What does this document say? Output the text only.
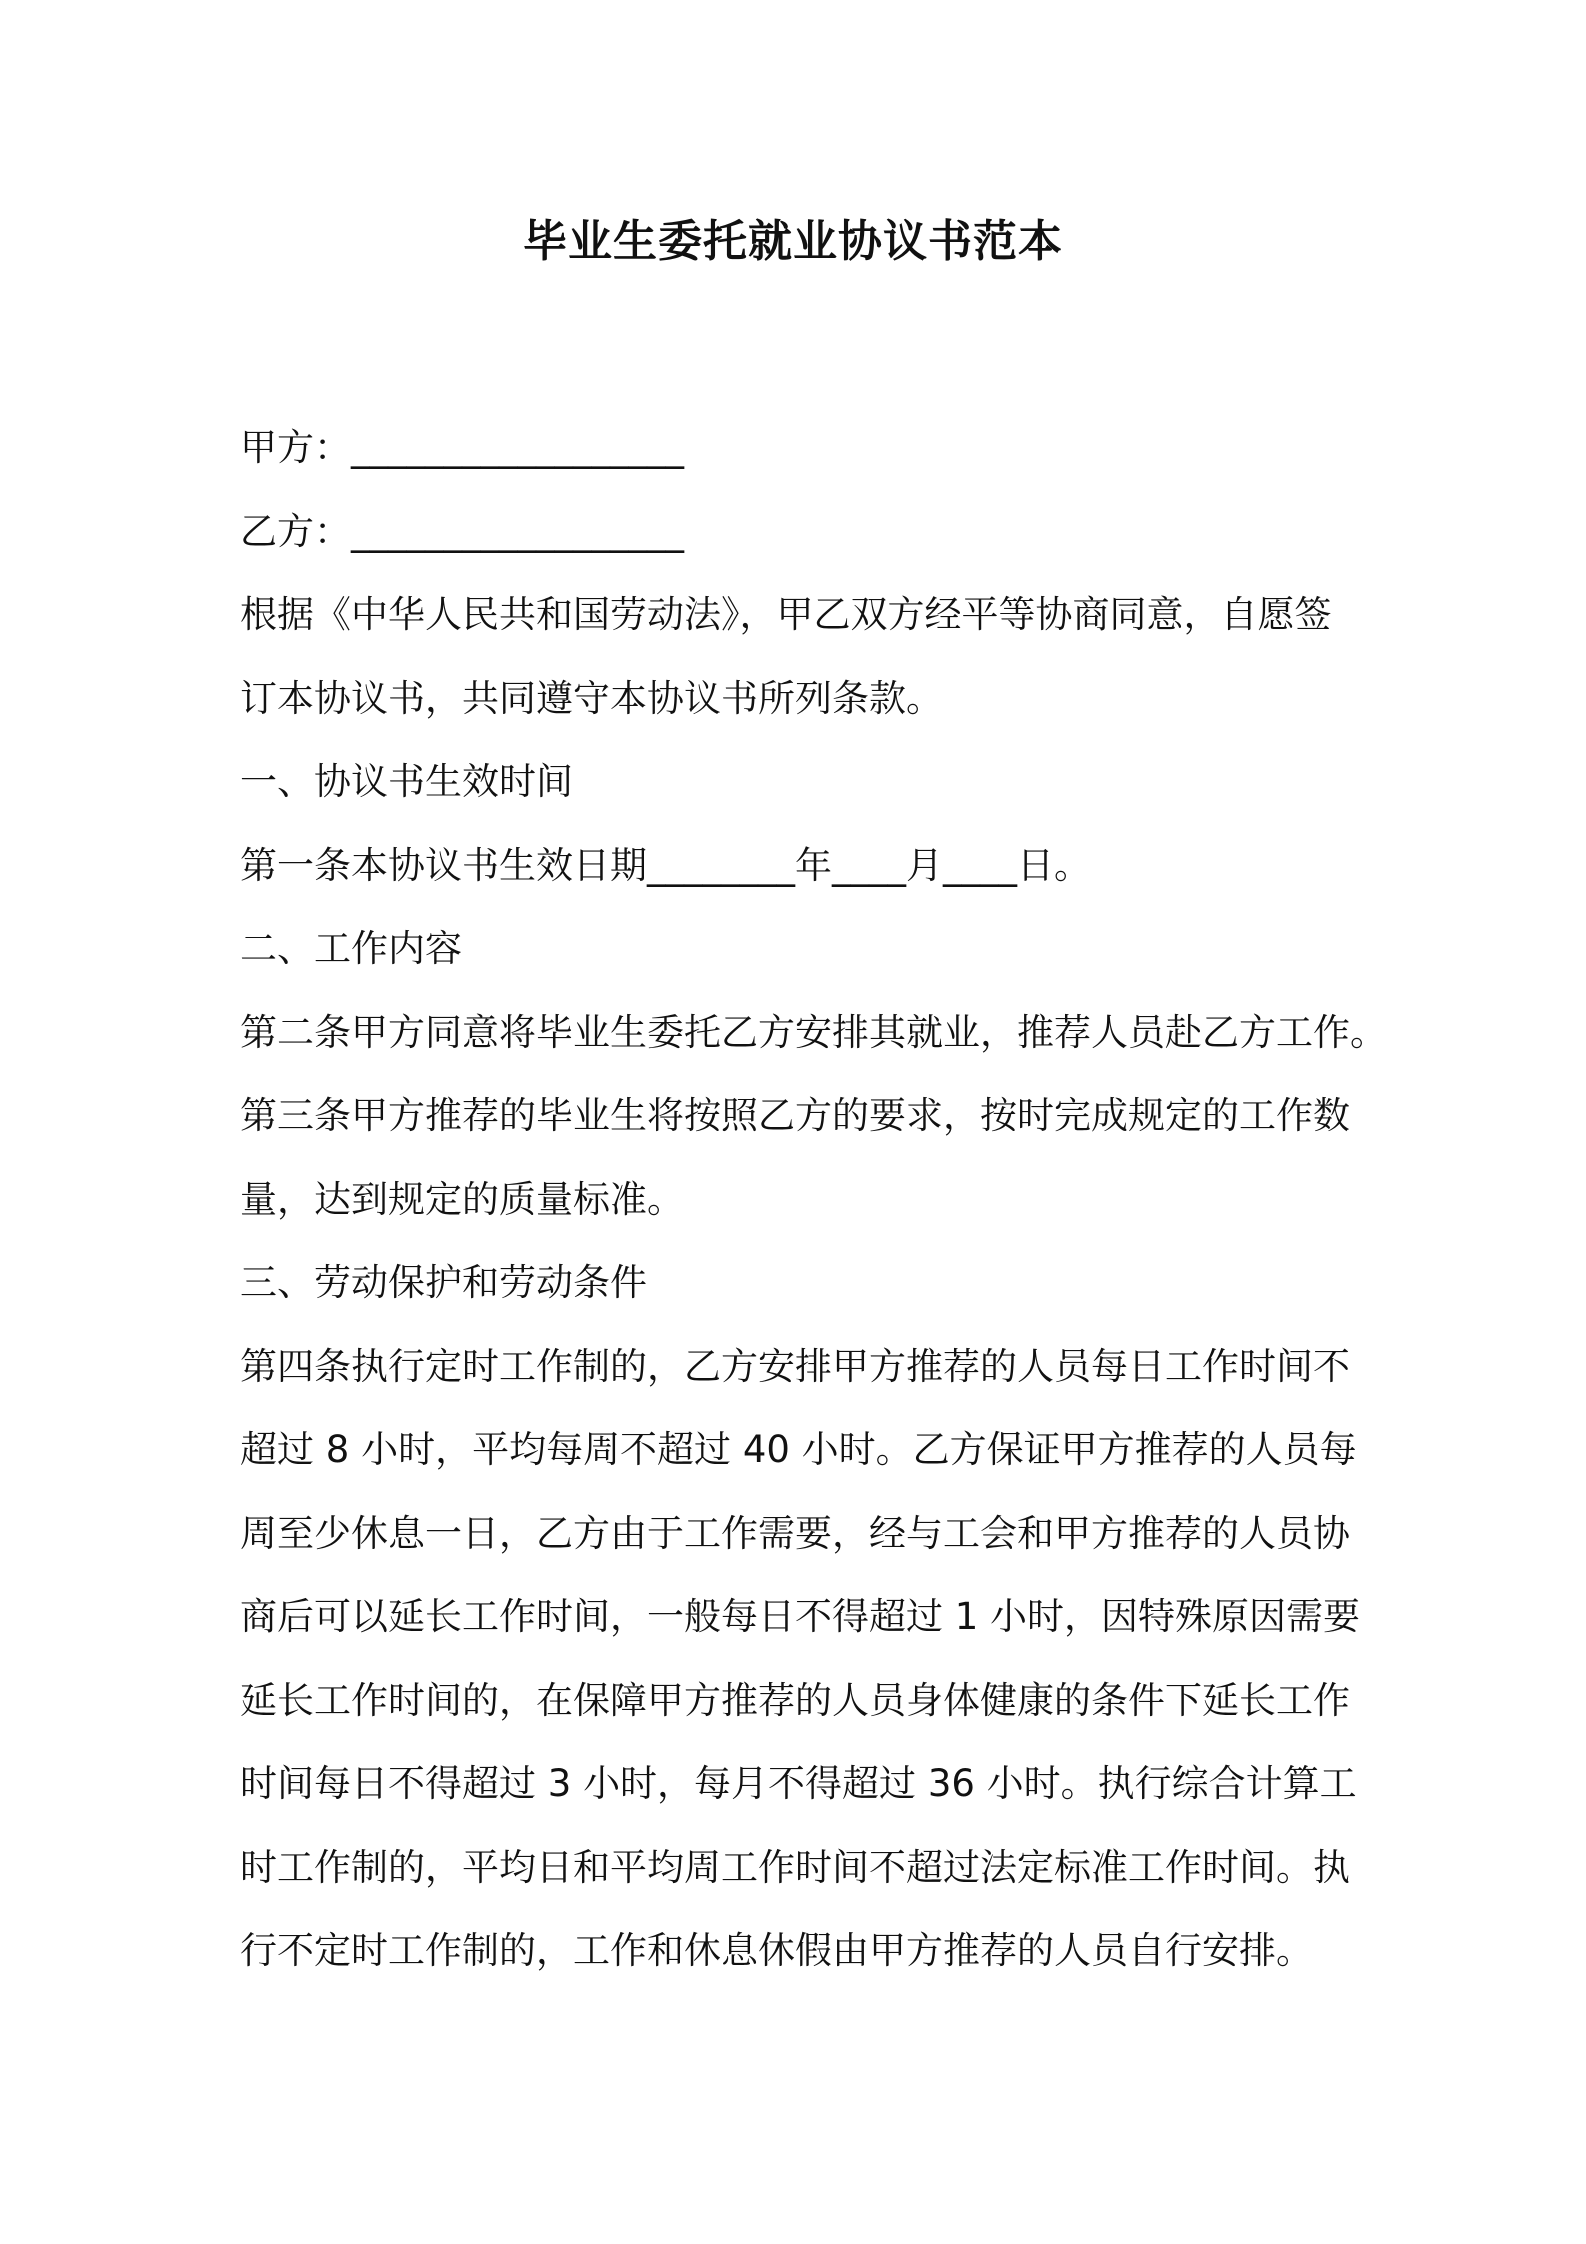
毕业生委托就业协议书范本
甲方：__________________
乙方：__________________
根据《中华人民共和国劳动法》，甲乙双方经平等协商同意，自愿签
订本协议书，共同遵守本协议书所列条款。
一、协议书生效时间
第一条本协议书生效日期________年____月____日。
二、工作内容
第二条甲方同意将毕业生委托乙方安排其就业，推荐人员赴乙方工作。
第三条甲方推荐的毕业生将按照乙方的要求，按时完成规定的工作数
量，达到规定的质量标准。
三、劳动保护和劳动条件
第四条执行定时工作制的，乙方安排甲方推荐的人员每日工作时间不
超过 8 小时，平均每周不超过 40 小时。乙方保证甲方推荐的人员每
周至少休息一日，乙方由于工作需要，经与工会和甲方推荐的人员协
商后可以延长工作时间，一般每日不得超过 1 小时，因特殊原因需要
延长工作时间的，在保障甲方推荐的人员身体健康的条件下延长工作
时间每日不得超过 3 小时，每月不得超过 36 小时。执行综合计算工
时工作制的，平均日和平均周工作时间不超过法定标准工作时间。执
行不定时工作制的，工作和休息休假由甲方推荐的人员自行安排。
